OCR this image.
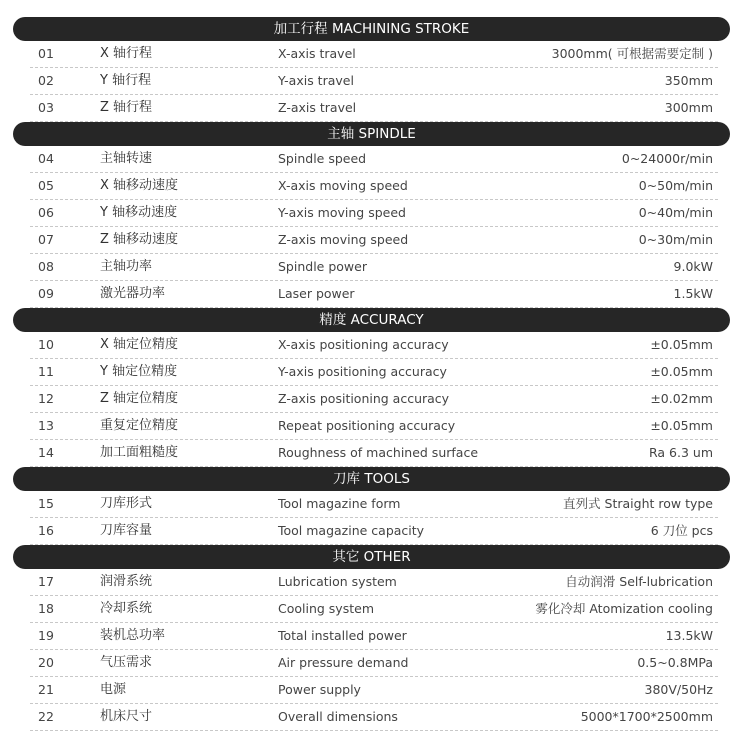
加工行程 MACHINING STROKE
01	X 轴行程	X-axis travel	3000mm( 可根据需要定制 )
02	Y 轴行程	Y-axis travel	350mm
03	Z 轴行程	Z-axis travel	300mm
主轴 SPINDLE
04	主轴转速	Spindle speed	0~24000r/min
05	X 轴移动速度	X-axis moving speed	0~50m/min
06	Y 轴移动速度	Y-axis moving speed	0~40m/min
07	Z 轴移动速度	Z-axis moving speed	0~30m/min
08	主轴功率	Spindle power	9.0kW
09	激光器功率	Laser power	1.5kW
精度 ACCURACY
10	X 轴定位精度	X-axis positioning accuracy	±0.05mm
11	Y 轴定位精度	Y-axis positioning accuracy	±0.05mm
12	Z 轴定位精度	Z-axis positioning accuracy	±0.02mm
13	重复定位精度	Repeat positioning accuracy	±0.05mm
14	加工面粗糙度	Roughness of machined surface	Ra 6.3 um
刀库 TOOLS
15	刀库形式	Tool magazine form	直列式 Straight row type
16	刀库容量	Tool magazine capacity	6 刀位 pcs
其它 OTHER
17	润滑系统	Lubrication system	自动润滑 Self-lubrication
18	冷却系统	Cooling system	雾化冷却 Atomization cooling
19	装机总功率	Total installed power	13.5kW
20	气压需求	Air pressure demand	0.5~0.8MPa
21	电源	Power supply	380V/50Hz
22	机床尺寸	Overall dimensions	5000*1700*2500mm
